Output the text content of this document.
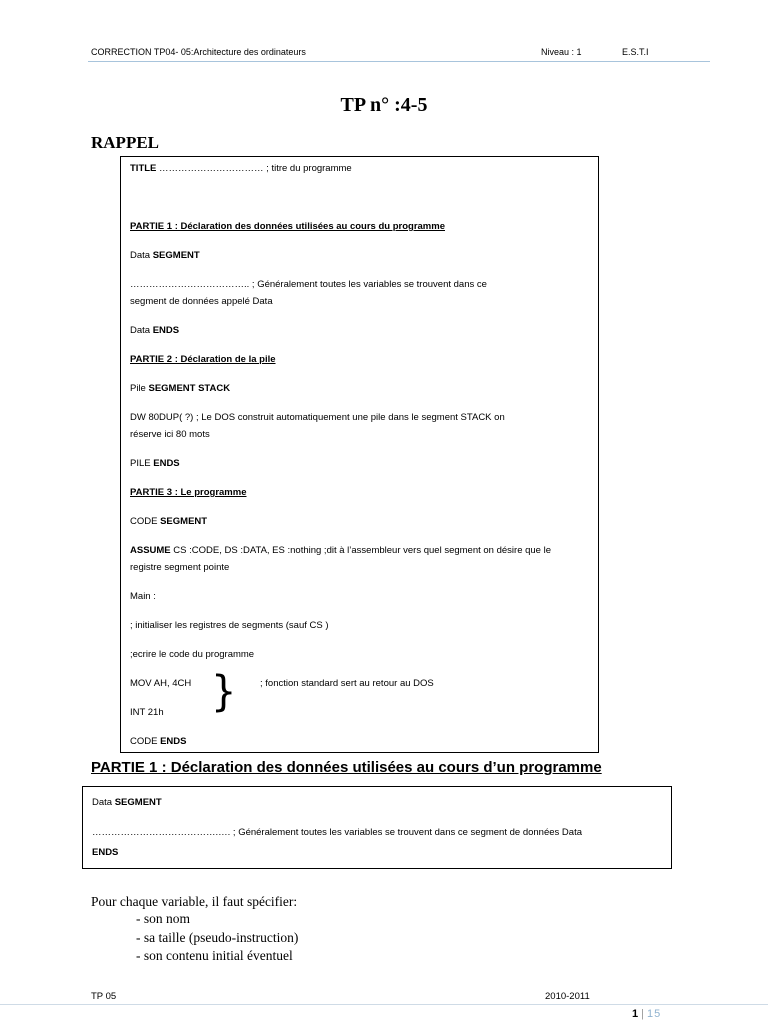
CORRECTION TP04- 05:Architecture des ordinateurs	Niveau : 1	E.S.T.I
TP n° :4-5
RAPPEL
TITLE …………………………… ; titre du programme
PARTIE 1 : Déclaration des données utilisées au cours du programme
Data SEGMENT
……………………………….. ; Généralement toutes les variables se trouvent dans ce
segment de données appelé Data
Data ENDS
PARTIE 2 : Déclaration de la pile
Pile SEGMENT STACK
DW 80DUP( ?) ; Le DOS construit automatiquement une pile dans le segment STACK on
réserve ici 80 mots
PILE ENDS
PARTIE 3 : Le programme
CODE SEGMENT
ASSUME CS :CODE, DS :DATA, ES :nothing ;dit à l’assembleur vers quel segment on désire que le
registre segment pointe
Main :
; initialiser les registres de segments (sauf CS )
;ecrire le code du programme
MOV AH, 4CH	; fonction standard sert au retour au DOS
}
INT 21h
CODE ENDS
PARTIE 1 : Déclaration des données utilisées au cours d’un programme
Data SEGMENT
………………………………….…. ; Généralement toutes les variables se trouvent dans ce segment de données Data
ENDS
Pour chaque variable, il faut spécifier:
- son nom
- sa taille (pseudo-instruction)
- son contenu initial éventuel
TP 05	2010-2011
1 | 15
